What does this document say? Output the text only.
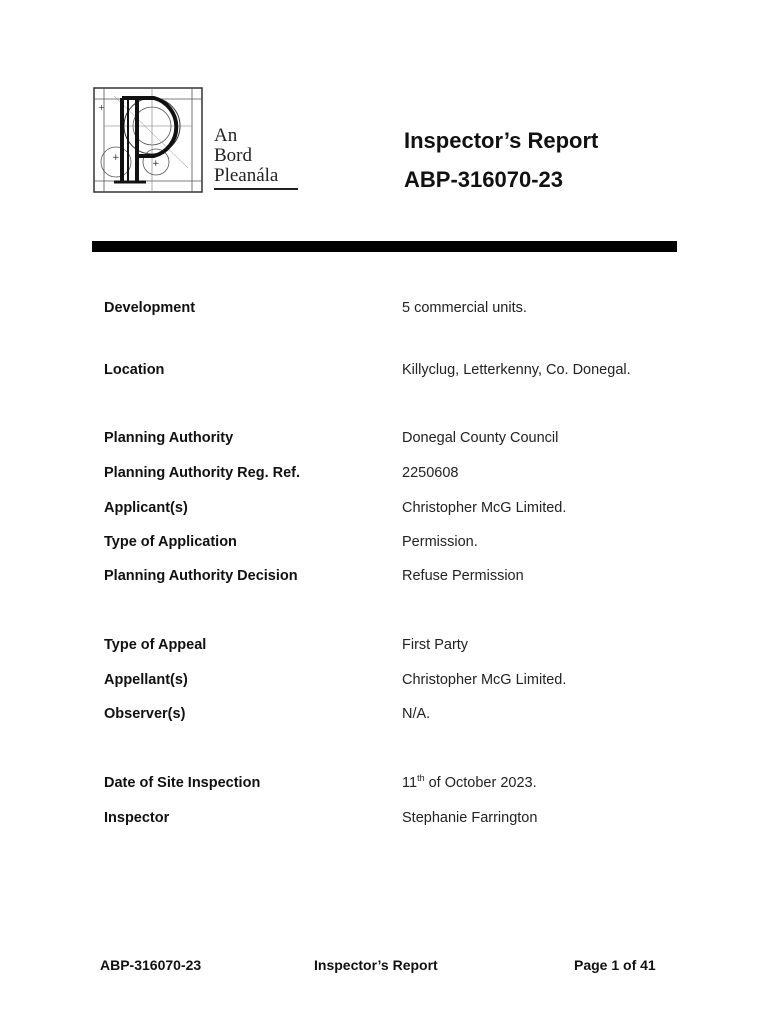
+
+
+
An
Bord
Pleanála
Inspector’s Report
ABP-316070-23
Development	5 commercial units.
Location	Killyclug, Letterkenny, Co. Donegal.
Planning Authority	Donegal County Council
Planning Authority Reg. Ref.	2250608
Applicant(s)	Christopher McG Limited.
Type of Application	Permission.
Planning Authority Decision	Refuse Permission
Type of Appeal	First Party
Appellant(s)	Christopher McG Limited.
Observer(s)	N/A.
Date of Site Inspection	11th of October 2023.
Inspector	Stephanie Farrington
ABP-316070-23	Inspector’s Report	Page 1 of 41
